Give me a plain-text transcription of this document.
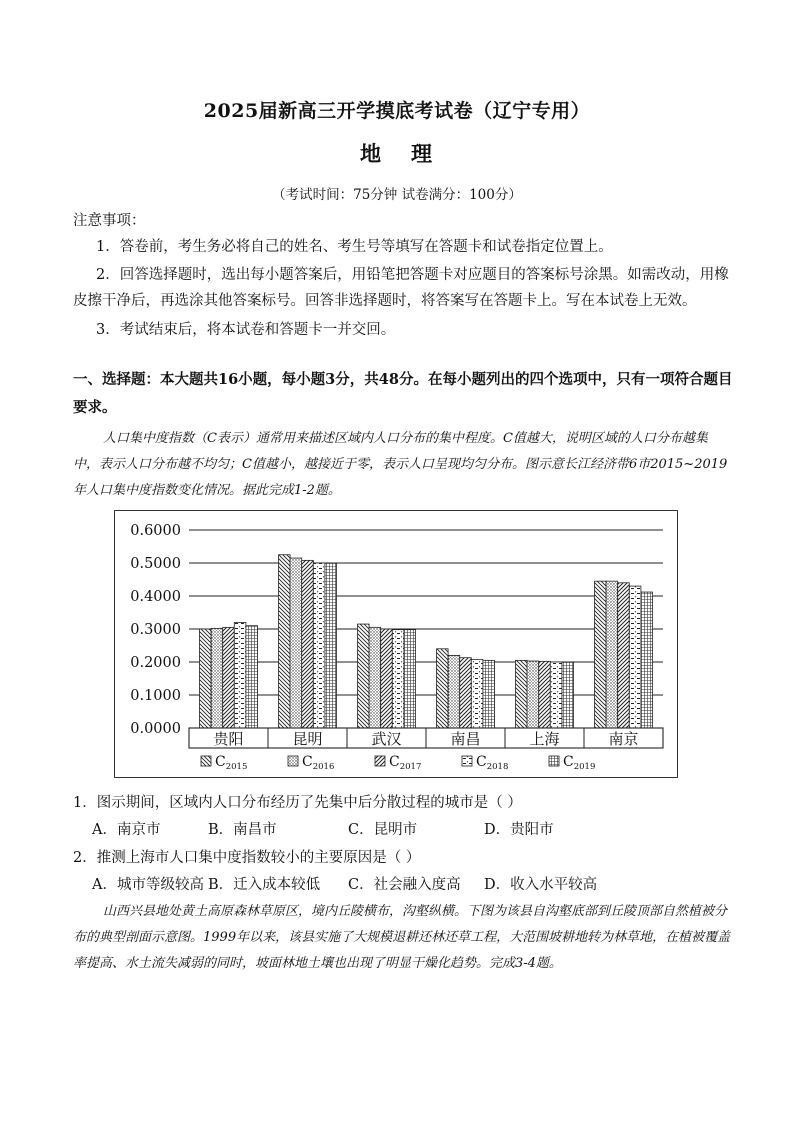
2025届新高三开学摸底考试卷（辽宁专用）
地理
（考试时间：75分钟 试卷满分：100分）
注意事项：
1．答卷前，考生务必将自己的姓名、考生号等填写在答题卡和试卷指定位置上。
2．回答选择题时，选出每小题答案后，用铅笔把答题卡对应题目的答案标号涂黑。如需改动，用橡皮擦干净后，再选涂其他答案标号。回答非选择题时，将答案写在答题卡上。写在本试卷上无效。
3．考试结束后，将本试卷和答题卡一并交回。
一、选择题：本大题共16小题，每小题3分，共48分。在每小题列出的四个选项中，只有一项符合题目要求。
人口集中度指数（C表示）通常用来描述区域内人口分布的集中程度。C值越大，说明区域的人口分布越集中，表示人口分布越不均匀；C值越小，越接近于零，表示人口呈现均匀分布。图示意长江经济带6市2015~2019年人口集中度指数变化情况。据此完成1-2题。
0.6000
0.5000
0.4000
0.3000
0.2000
0.1000
0.0000
贵阳	昆明	武汉	南昌	上海	南京
$C_{2015}$	$C_{2016}$	$C_{2017}$	$C_{2018}$	$C_{2019}$
1．图示期间，区域内人口分布经历了先集中后分散过程的城市是（ ）
A．南京市	B．南昌市	C．昆明市	D．贵阳市
2．推测上海市人口集中度指数较小的主要原因是（ ）
A．城市等级较高 B．迁入成本较低 C．社会融入度高 D．收入水平较高
山西兴县地处黄土高原森林草原区，境内丘陵横布，沟壑纵横。下图为该县自沟壑底部到丘陵顶部自然植被分布的典型剖面示意图。1999年以来，该县实施了大规模退耕还林还草工程，大范围坡耕地转为林草地，在植被覆盖率提高、水土流失减弱的同时，坡面林地土壤也出现了明显干燥化趋势。完成3-4题。
